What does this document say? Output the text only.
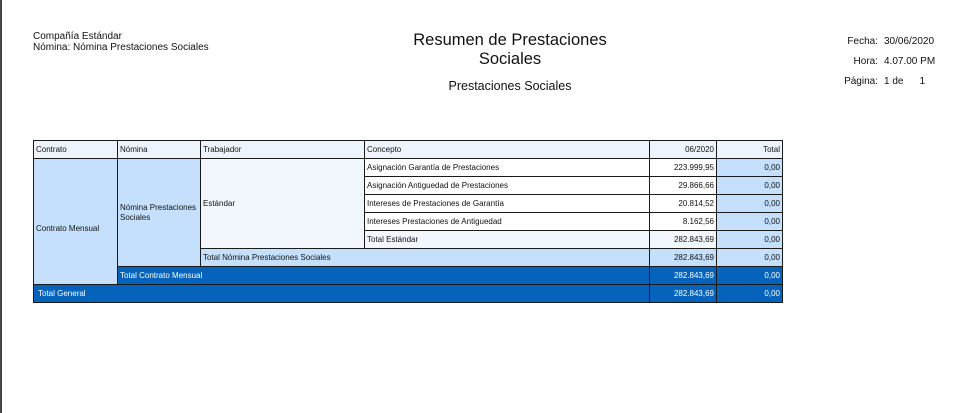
Compañía Estándar
Nómina: Nómina Prestaciones Sociales	Resumen de Prestaciones
Sociales
Prestaciones Sociales
Fecha: 30/06/2020
Hora: 4.07.00 PM
Página: 1 de 1
Contrato	Nómina	Trabajador	Concepto	06/2020	Total
Contrato Mensual	Nómina Prestaciones Sociales	Estándar	Asignación Garantía de Prestaciones	223.999,95	0,00
			Asignación Antiguedad de Prestaciones	29.866,66	0,00
			Intereses de Prestaciones de Garantía	20.814,52	0,00
			Intereses Prestaciones de Antiguedad	8.162,56	0,00
			Total Estándar	282.843,69	0,00
		Total Nómina Prestaciones Sociales		282.843,69	0,00
	Total Contrato Mensual			282.843,69	0,00
Total General				282.843,69	0,00
